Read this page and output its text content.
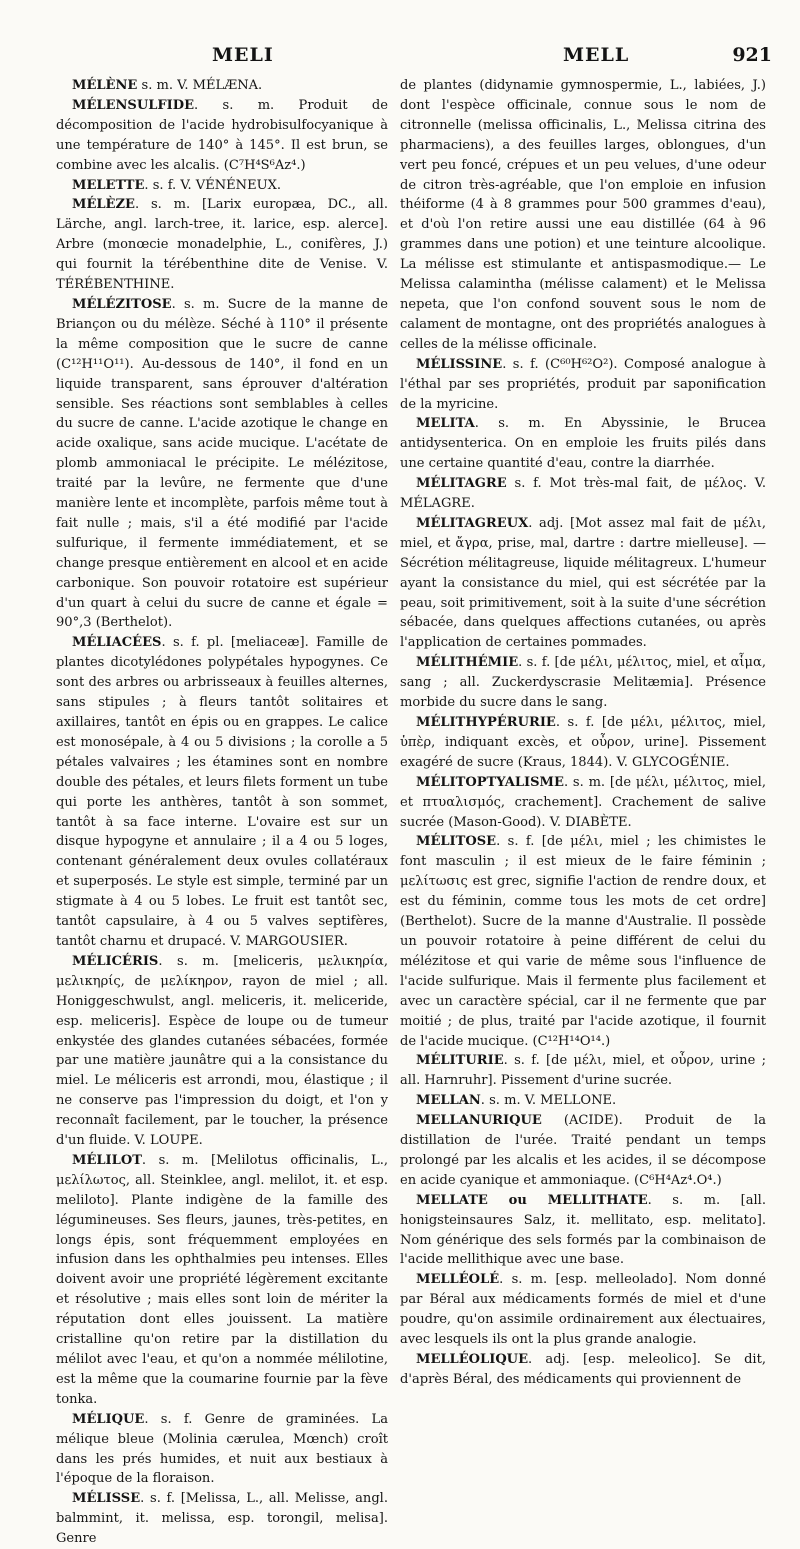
MELI	MELL	921
MÉLÈNE s. m. V. MÉLÆNA.
MÉLENSULFIDE. s. m. Produit de décomposition de l'acide hydrobisulfocyanique à une température de 140° à 145°. Il est brun, se combine avec les alcalis. (C⁷H⁴S⁶Az⁴.)
MELETTE. s. f. V. VÉNÉNEUX.
MÉLÈZE. s. m. [Larix europæa, DC., all. Lärche, angl. larch-tree, it. larice, esp. alerce]. Arbre (monœcie monadelphie, L., conifères, J.) qui fournit la térébenthine dite de Venise. V. TÉRÉBENTHINE.
MÉLÉZITOSE. s. m. Sucre de la manne de Briançon ou du mélèze. Séché à 110° il présente la même composition que le sucre de canne (C¹²H¹¹O¹¹). Au-dessous de 140°, il fond en un liquide transparent, sans éprouver d'altération sensible. Ses réactions sont semblables à celles du sucre de canne. L'acide azotique le change en acide oxalique, sans acide mucique. L'acétate de plomb ammoniacal le précipite. Le mélézitose, traité par la levûre, ne fermente que d'une manière lente et incomplète, parfois même tout à fait nulle ; mais, s'il a été modifié par l'acide sulfurique, il fermente immédiatement, et se change presque entièrement en alcool et en acide carbonique. Son pouvoir rotatoire est supérieur d'un quart à celui du sucre de canne et égale = 90°,3 (Berthelot).
MÉLIACÉES. s. f. pl. [meliaceæ]. Famille de plantes dicotylédones polypétales hypogynes. Ce sont des arbres ou arbrisseaux à feuilles alternes, sans stipules ; à fleurs tantôt solitaires et axillaires, tantôt en épis ou en grappes. Le calice est monosépale, à 4 ou 5 divisions ; la corolle a 5 pétales valvaires ; les étamines sont en nombre double des pétales, et leurs filets forment un tube qui porte les anthères, tantôt à son sommet, tantôt à sa face interne. L'ovaire est sur un disque hypogyne et annulaire ; il a 4 ou 5 loges, contenant généralement deux ovules collatéraux et superposés. Le style est simple, terminé par un stigmate à 4 ou 5 lobes. Le fruit est tantôt sec, tantôt capsulaire, à 4 ou 5 valves septifères, tantôt charnu et drupacé. V. MARGOUSIER.
MÉLICÉRIS. s. m. [meliceris, μελικηρία, μελικηρίς, de μελίκηρον, rayon de miel ; all. Honiggeschwulst, angl. meliceris, it. meliceride, esp. meliceris]. Espèce de loupe ou de tumeur enkystée des glandes cutanées sébacées, formée par une matière jaunâtre qui a la consistance du miel. Le méliceris est arrondi, mou, élastique ; il ne conserve pas l'impression du doigt, et l'on y reconnaît facilement, par le toucher, la présence d'un fluide. V. LOUPE.
MÉLILOT. s. m. [Melilotus officinalis, L., μελίλωτος, all. Steinklee, angl. melilot, it. et esp. meliloto]. Plante indigène de la famille des légumineuses. Ses fleurs, jaunes, très-petites, en longs épis, sont fréquemment employées en infusion dans les ophthalmies peu intenses. Elles doivent avoir une propriété légèrement excitante et résolutive ; mais elles sont loin de mériter la réputation dont elles jouissent. La matière cristalline qu'on retire par la distillation du mélilot avec l'eau, et qu'on a nommée mélilotine, est la même que la coumarine fournie par la fève tonka.
MÉLIQUE. s. f. Genre de graminées. La mélique bleue (Molinia cærulea, Mœnch) croît dans les prés humides, et nuit aux bestiaux à l'époque de la floraison.
MÉLISSE. s. f. [Melissa, L., all. Melisse, angl. balmmint, it. melissa, esp. torongil, melisa]. Genre
de plantes (didynamie gymnospermie, L., labiées, J.) dont l'espèce officinale, connue sous le nom de citronnelle (melissa officinalis, L., Melissa citrina des pharmaciens), a des feuilles larges, oblongues, d'un vert peu foncé, crépues et un peu velues, d'une odeur de citron très-agréable, que l'on emploie en infusion théiforme (4 à 8 grammes pour 500 grammes d'eau), et d'où l'on retire aussi une eau distillée (64 à 96 grammes dans une potion) et une teinture alcoolique. La mélisse est stimulante et antispasmodique.— Le Melissa calamintha (mélisse calament) et le Melissa nepeta, que l'on confond souvent sous le nom de calament de montagne, ont des propriétés analogues à celles de la mélisse officinale.
MÉLISSINE. s. f. (C⁶⁰H⁶²O²). Composé analogue à l'éthal par ses propriétés, produit par saponification de la myricine.
MELITA. s. m. En Abyssinie, le Brucea antidysenterica. On en emploie les fruits pilés dans une certaine quantité d'eau, contre la diarrhée.
MÉLITAGRE s. f. Mot très-mal fait, de μέλος. V. MÉLAGRE.
MÉLITAGREUX. adj. [Mot assez mal fait de μέλι, miel, et ἄγρα, prise, mal, dartre : dartre mielleuse]. — Sécrétion mélitagreuse, liquide mélitagreux. L'humeur ayant la consistance du miel, qui est sécrétée par la peau, soit primitivement, soit à la suite d'une sécrétion sébacée, dans quelques affections cutanées, ou après l'application de certaines pommades.
MÉLITHÉMIE. s. f. [de μέλι, μέλιτος, miel, et αἷμα, sang ; all. Zuckerdyscrasie Melitæmia]. Présence morbide du sucre dans le sang.
MÉLITHYPÉRURIE. s. f. [de μέλι, μέλιτος, miel, ὑπὲρ, indiquant excès, et οὖρον, urine]. Pissement exagéré de sucre (Kraus, 1844). V. GLYCOGÉNIE.
MÉLITOPTYALISME. s. m. [de μέλι, μέλιτος, miel, et πτυαλισμός, crachement]. Crachement de salive sucrée (Mason-Good). V. DIABÈTE.
MÉLITOSE. s. f. [de μέλι, miel ; les chimistes le font masculin ; il est mieux de le faire féminin ; μελίτωσις est grec, signifie l'action de rendre doux, et est du féminin, comme tous les mots de cet ordre] (Berthelot). Sucre de la manne d'Australie. Il possède un pouvoir rotatoire à peine différent de celui du mélézitose et qui varie de même sous l'influence de l'acide sulfurique. Mais il fermente plus facilement et avec un caractère spécial, car il ne fermente que par moitié ; de plus, traité par l'acide azotique, il fournit de l'acide mucique. (C¹²H¹⁴O¹⁴.)
MÉLITURIE. s. f. [de μέλι, miel, et οὖρον, urine ; all. Harnruhr]. Pissement d'urine sucrée.
MELLAN. s. m. V. MELLONE.
MELLANURIQUE (ACIDE). Produit de la distillation de l'urée. Traité pendant un temps prolongé par les alcalis et les acides, il se décompose en acide cyanique et ammoniaque. (C⁶H⁴Az⁴.O⁴.)
MELLATE ou MELLITHATE. s. m. [all. honigsteinsaures Salz, it. mellitato, esp. melitato]. Nom générique des sels formés par la combinaison de l'acide mellithique avec une base.
MELLÉOLÉ. s. m. [esp. melleolado]. Nom donné par Béral aux médicaments formés de miel et d'une poudre, qu'on assimile ordinairement aux électuaires, avec lesquels ils ont la plus grande analogie.
MELLÉOLIQUE. adj. [esp. meleolico]. Se dit, d'après Béral, des médicaments qui proviennent de
